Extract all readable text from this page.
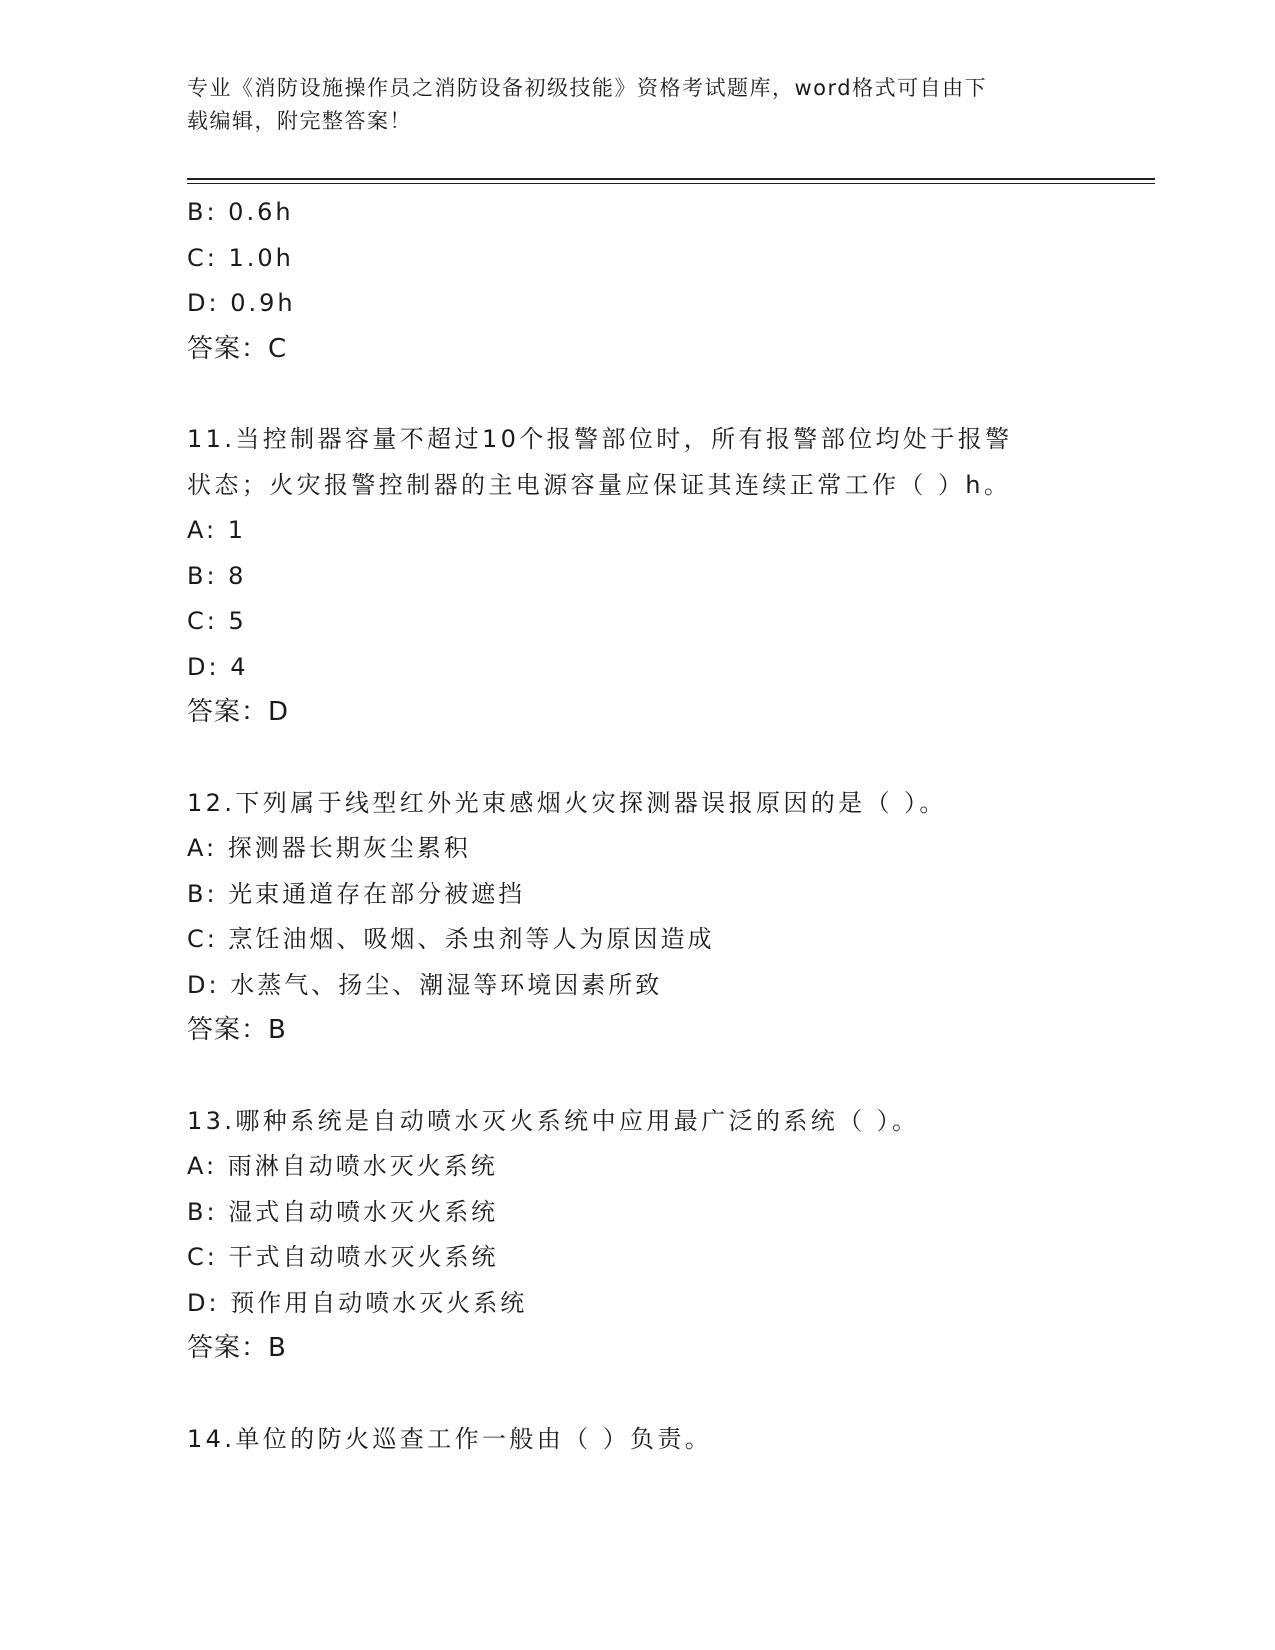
专业《消防设施操作员之消防设备初级技能》资格考试题库，word格式可自由下
载编辑，附完整答案！
B: 0.6h
C: 1.0h
D: 0.9h
答案：C
11.当控制器容量不超过10个报警部位时，所有报警部位均处于报警
状态；火灾报警控制器的主电源容量应保证其连续正常工作（ ）h。
A: 1
B: 8
C: 5
D: 4
答案：D
12.下列属于线型红外光束感烟火灾探测器误报原因的是（ ）。
A: 探测器长期灰尘累积
B: 光束通道存在部分被遮挡
C: 烹饪油烟、吸烟、杀虫剂等人为原因造成
D: 水蒸气、扬尘、潮湿等环境因素所致
答案：B
13.哪种系统是自动喷水灭火系统中应用最广泛的系统（ ）。
A: 雨淋自动喷水灭火系统
B: 湿式自动喷水灭火系统
C: 干式自动喷水灭火系统
D: 预作用自动喷水灭火系统
答案：B
14.单位的防火巡查工作一般由（ ）负责。
